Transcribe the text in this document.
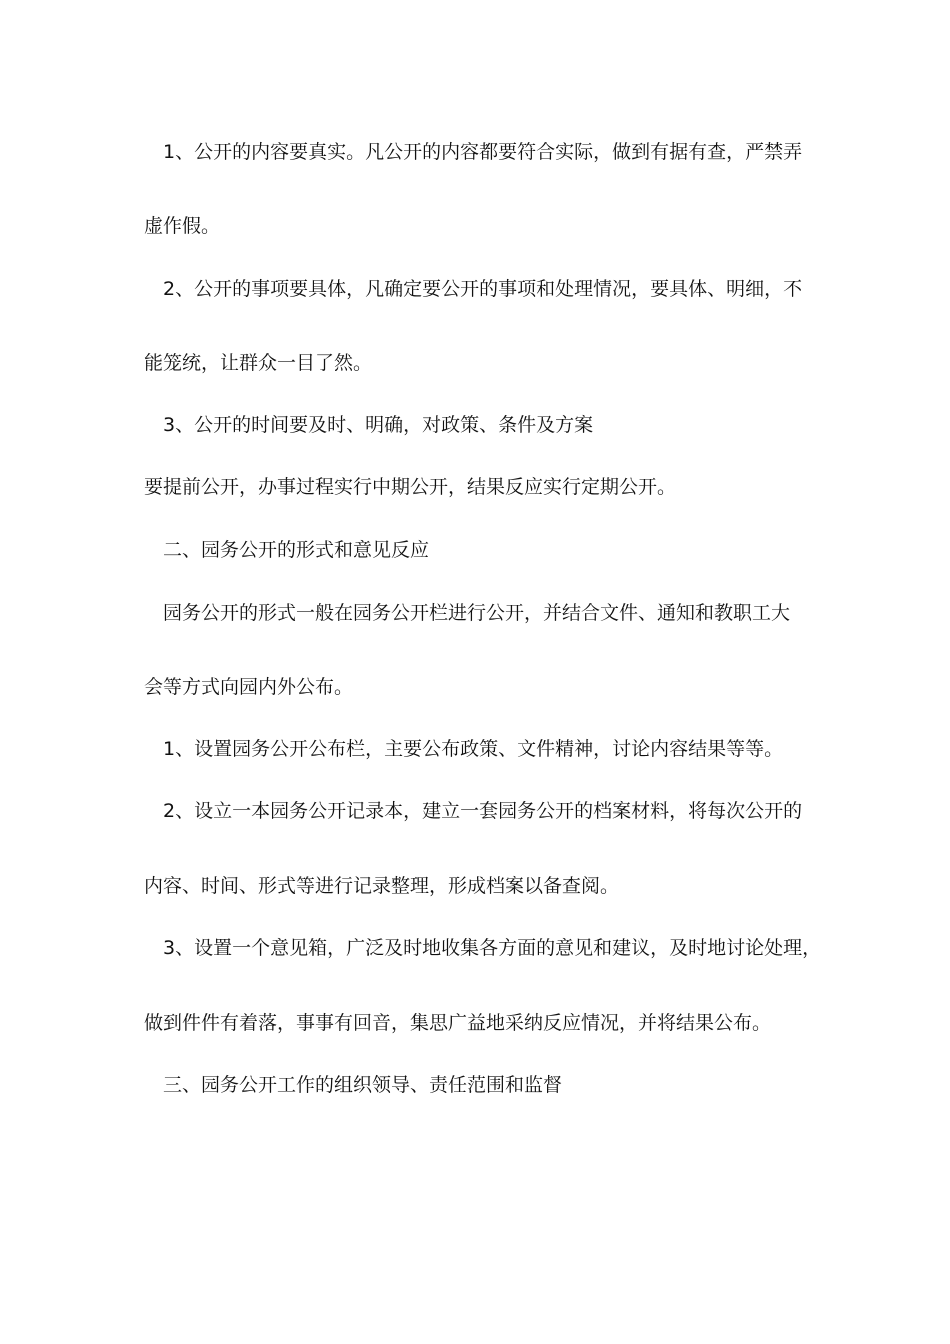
1、公开的内容要真实。凡公开的内容都要符合实际，做到有据有查，严禁弄
虚作假。
2、公开的事项要具体，凡确定要公开的事项和处理情况，要具体、明细，不
能笼统，让群众一目了然。
3、公开的时间要及时、明确，对政策、条件及方案
要提前公开，办事过程实行中期公开，结果反应实行定期公开。
二、园务公开的形式和意见反应
园务公开的形式一般在园务公开栏进行公开，并结合文件、通知和教职工大
会等方式向园内外公布。
1、设置园务公开公布栏，主要公布政策、文件精神，讨论内容结果等等。
2、设立一本园务公开记录本，建立一套园务公开的档案材料，将每次公开的
内容、时间、形式等进行记录整理，形成档案以备查阅。
3、设置一个意见箱，广泛及时地收集各方面的意见和建议，及时地讨论处理，
做到件件有着落，事事有回音，集思广益地采纳反应情况，并将结果公布。
三、园务公开工作的组织领导、责任范围和监督
